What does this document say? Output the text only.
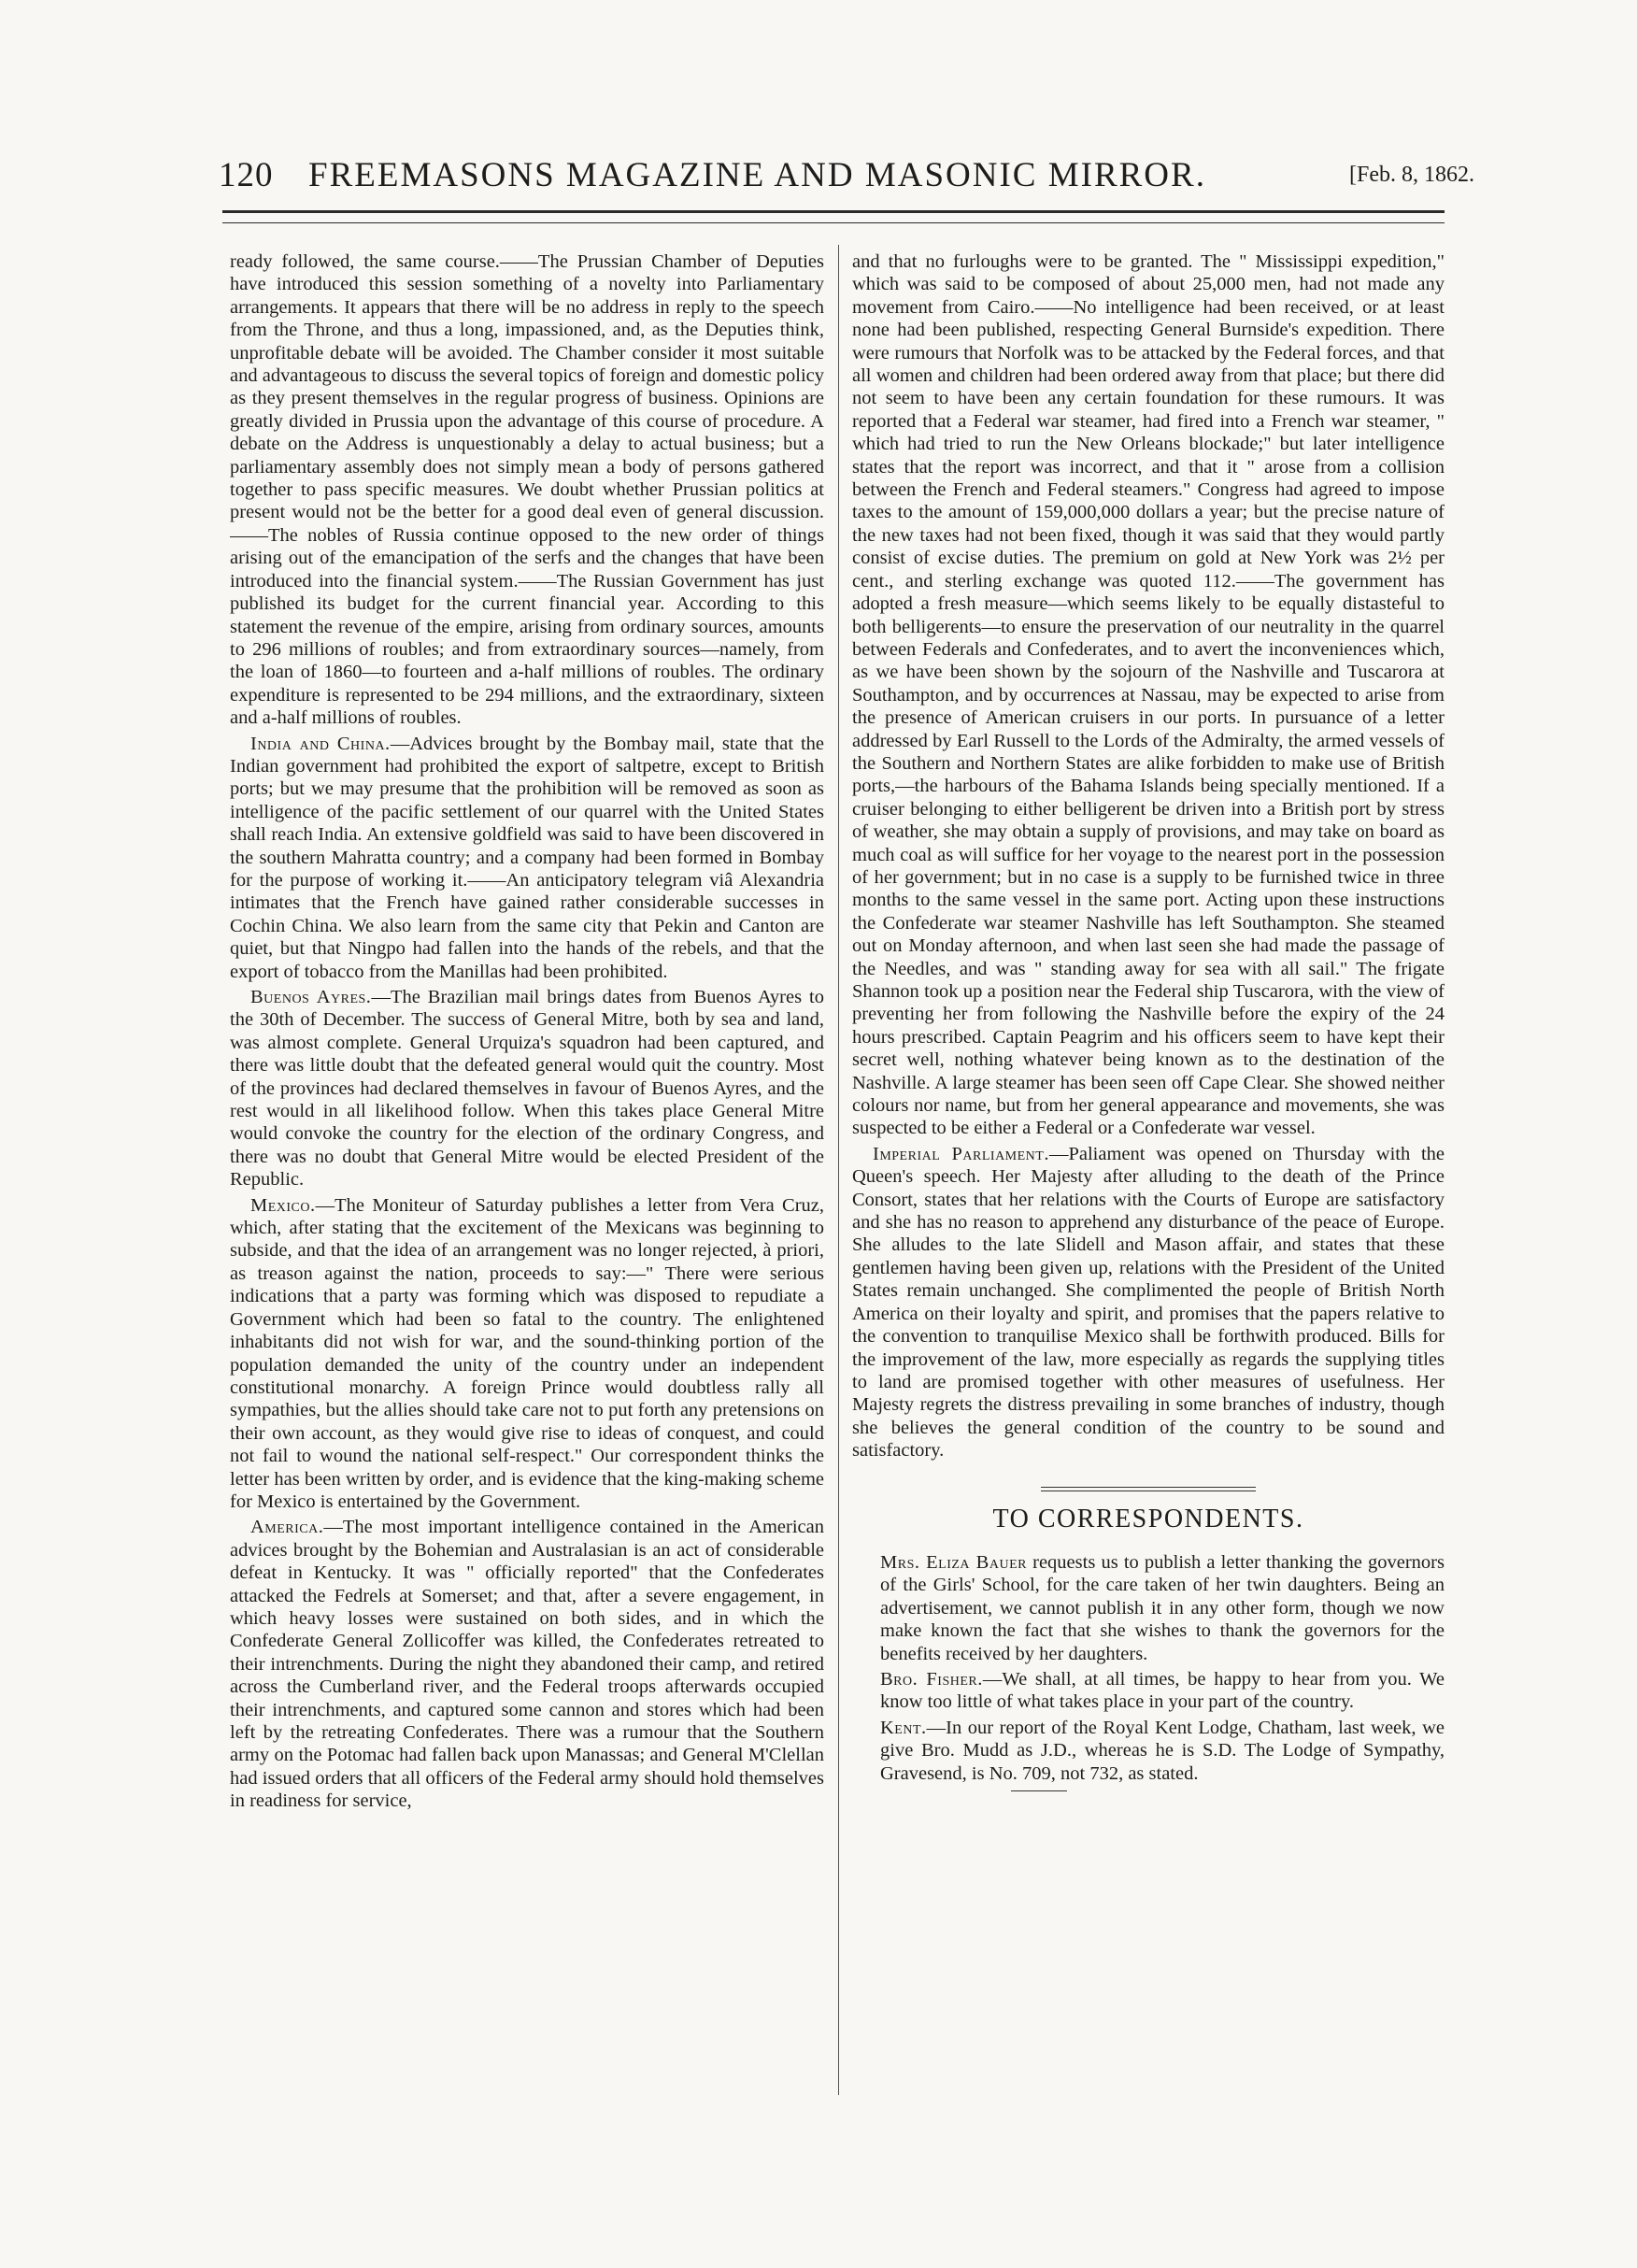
120 FREEMASONS MAGAZINE AND MASONIC MIRROR.	[Feb. 8, 1862.

ready followed, the same course.——The Prussian Chamber of Deputies have introduced this session something of a novelty into Parliamentary arrangements. It appears that there will be no address in reply to the speech from the Throne, and thus a long, impassioned, and, as the Deputies think, unprofitable debate will be avoided. The Chamber consider it most suitable and advantageous to discuss the several topics of foreign and domestic policy as they present themselves in the regular progress of business. Opinions are greatly divided in Prussia upon the advantage of this course of procedure. A debate on the Address is unquestionably a delay to actual business; but a parliamentary assembly does not simply mean a body of persons gathered together to pass specific measures. We doubt whether Prussian politics at present would not be the better for a good deal even of general discussion.——The nobles of Russia continue opposed to the new order of things arising out of the emancipation of the serfs and the changes that have been introduced into the financial system.——The Russian Government has just published its budget for the current financial year. According to this statement the revenue of the empire, arising from ordinary sources, amounts to 296 millions of roubles; and from extraordinary sources—namely, from the loan of 1860—to fourteen and a-half millions of roubles. The ordinary expenditure is represented to be 294 millions, and the extraordinary, sixteen and a-half millions of roubles.

India and China.—Advices brought by the Bombay mail, state that the Indian government had prohibited the export of saltpetre, except to British ports; but we may presume that the prohibition will be removed as soon as intelligence of the pacific settlement of our quarrel with the United States shall reach India. An extensive goldfield was said to have been discovered in the southern Mahratta country; and a company had been formed in Bombay for the purpose of working it.——An anticipatory telegram viâ Alexandria intimates that the French have gained rather considerable successes in Cochin China. We also learn from the same city that Pekin and Canton are quiet, but that Ningpo had fallen into the hands of the rebels, and that the export of tobacco from the Manillas had been prohibited.

Buenos Ayres.—The Brazilian mail brings dates from Buenos Ayres to the 30th of December. The success of General Mitre, both by sea and land, was almost complete. General Urquiza's squadron had been captured, and there was little doubt that the defeated general would quit the country. Most of the provinces had declared themselves in favour of Buenos Ayres, and the rest would in all likelihood follow. When this takes place General Mitre would convoke the country for the election of the ordinary Congress, and there was no doubt that General Mitre would be elected President of the Republic.

Mexico.—The Moniteur of Saturday publishes a letter from Vera Cruz, which, after stating that the excitement of the Mexicans was beginning to subside, and that the idea of an arrangement was no longer rejected, à priori, as treason against the nation, proceeds to say:—" There were serious indications that a party was forming which was disposed to repudiate a Government which had been so fatal to the country. The enlightened inhabitants did not wish for war, and the sound-thinking portion of the population demanded the unity of the country under an independent constitutional monarchy. A foreign Prince would doubtless rally all sympathies, but the allies should take care not to put forth any pretensions on their own account, as they would give rise to ideas of conquest, and could not fail to wound the national self-respect." Our correspondent thinks the letter has been written by order, and is evidence that the king-making scheme for Mexico is entertained by the Government.

America.—The most important intelligence contained in the American advices brought by the Bohemian and Australasian is an act of considerable defeat in Kentucky. It was " officially reported" that the Confederates attacked the Fedrels at Somerset; and that, after a severe engagement, in which heavy losses were sustained on both sides, and in which the Confederate General Zollicoffer was killed, the Confederates retreated to their intrenchments. During the night they abandoned their camp, and retired across the Cumberland river, and the Federal troops afterwards occupied their intrenchments, and captured some cannon and stores which had been left by the retreating Confederates. There was a rumour that the Southern army on the Potomac had fallen back upon Manassas; and General M'Clellan had issued orders that all officers of the Federal army should hold themselves in readiness for service,

and that no furloughs were to be granted. The " Mississippi expedition," which was said to be composed of about 25,000 men, had not made any movement from Cairo.——No intelligence had been received, or at least none had been published, respecting General Burnside's expedition. There were rumours that Norfolk was to be attacked by the Federal forces, and that all women and children had been ordered away from that place; but there did not seem to have been any certain foundation for these rumours. It was reported that a Federal war steamer, had fired into a French war steamer, " which had tried to run the New Orleans blockade;" but later intelligence states that the report was incorrect, and that it " arose from a collision between the French and Federal steamers." Congress had agreed to impose taxes to the amount of 159,000,000 dollars a year; but the precise nature of the new taxes had not been fixed, though it was said that they would partly consist of excise duties. The premium on gold at New York was 2½ per cent., and sterling exchange was quoted 112.——The government has adopted a fresh measure—which seems likely to be equally distasteful to both belligerents—to ensure the preservation of our neutrality in the quarrel between Federals and Confederates, and to avert the inconveniences which, as we have been shown by the sojourn of the Nashville and Tuscarora at Southampton, and by occurrences at Nassau, may be expected to arise from the presence of American cruisers in our ports. In pursuance of a letter addressed by Earl Russell to the Lords of the Admiralty, the armed vessels of the Southern and Northern States are alike forbidden to make use of British ports,—the harbours of the Bahama Islands being specially mentioned. If a cruiser belonging to either belligerent be driven into a British port by stress of weather, she may obtain a supply of provisions, and may take on board as much coal as will suffice for her voyage to the nearest port in the possession of her government; but in no case is a supply to be furnished twice in three months to the same vessel in the same port. Acting upon these instructions the Confederate war steamer Nashville has left Southampton. She steamed out on Monday afternoon, and when last seen she had made the passage of the Needles, and was " standing away for sea with all sail." The frigate Shannon took up a position near the Federal ship Tuscarora, with the view of preventing her from following the Nashville before the expiry of the 24 hours prescribed. Captain Peagrim and his officers seem to have kept their secret well, nothing whatever being known as to the destination of the Nashville. A large steamer has been seen off Cape Clear. She showed neither colours nor name, but from her general appearance and movements, she was suspected to be either a Federal or a Confederate war vessel.

Imperial Parliament.—Paliament was opened on Thursday with the Queen's speech. Her Majesty after alluding to the death of the Prince Consort, states that her relations with the Courts of Europe are satisfactory and she has no reason to apprehend any disturbance of the peace of Europe. She alludes to the late Slidell and Mason affair, and states that these gentlemen having been given up, relations with the President of the United States remain unchanged. She complimented the people of British North America on their loyalty and spirit, and promises that the papers relative to the convention to tranquilise Mexico shall be forthwith produced. Bills for the improvement of the law, more especially as regards the supplying titles to land are promised together with other measures of usefulness. Her Majesty regrets the distress prevailing in some branches of industry, though she believes the general condition of the country to be sound and satisfactory.

TO CORRESPONDENTS.

Mrs. Eliza Bauer requests us to publish a letter thanking the governors of the Girls' School, for the care taken of her twin daughters. Being an advertisement, we cannot publish it in any other form, though we now make known the fact that she wishes to thank the governors for the benefits received by her daughters.

Bro. Fisher.—We shall, at all times, be happy to hear from you. We know too little of what takes place in your part of the country.

Kent.—In our report of the Royal Kent Lodge, Chatham, last week, we give Bro. Mudd as J.D., whereas he is S.D. The Lodge of Sympathy, Gravesend, is No. 709, not 732, as stated.
